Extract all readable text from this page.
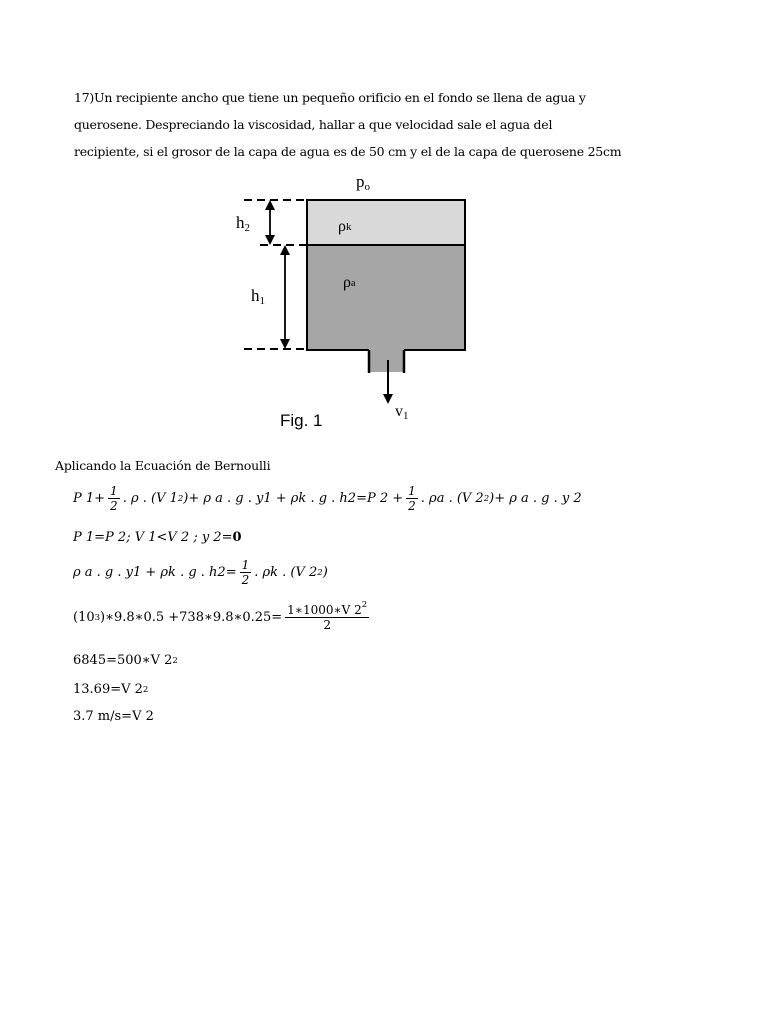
17)Un recipiente ancho que tiene un pequeño orificio en el fondo se llena de agua y
querosene. Despreciando la viscosidad, hallar a que velocidad sale el agua del
recipiente, si el grosor de la capa de agua es de 50 cm y el de la capa de querosene 25cm
po
h2
h1
ρk
ρa
v1
Fig. 1
Aplicando la Ecuación de Bernoulli
P $1+ \frac{1}{2}$ . ρ . (V 1 2 )+ ρ a . g . y1 + ρk . g . h2=P $2 + \frac{1}{2}$ . ρa . (V 2 2 )+ ρ a . g . y 2
P 1=P 2; V 1<V 2 ; y 2= 0
ρ a . g . y1 + ρk . g . $h2= \frac{1}{2}$ . ρk . (V 2 2 )
(10 3 )∗9.8∗0.5 +738∗9.8∗0.25= $\frac{1∗1000∗V 2^2}{2}$
6845=500∗V 2 2
13.69=V 2 2
3.7 m/s=V 2
